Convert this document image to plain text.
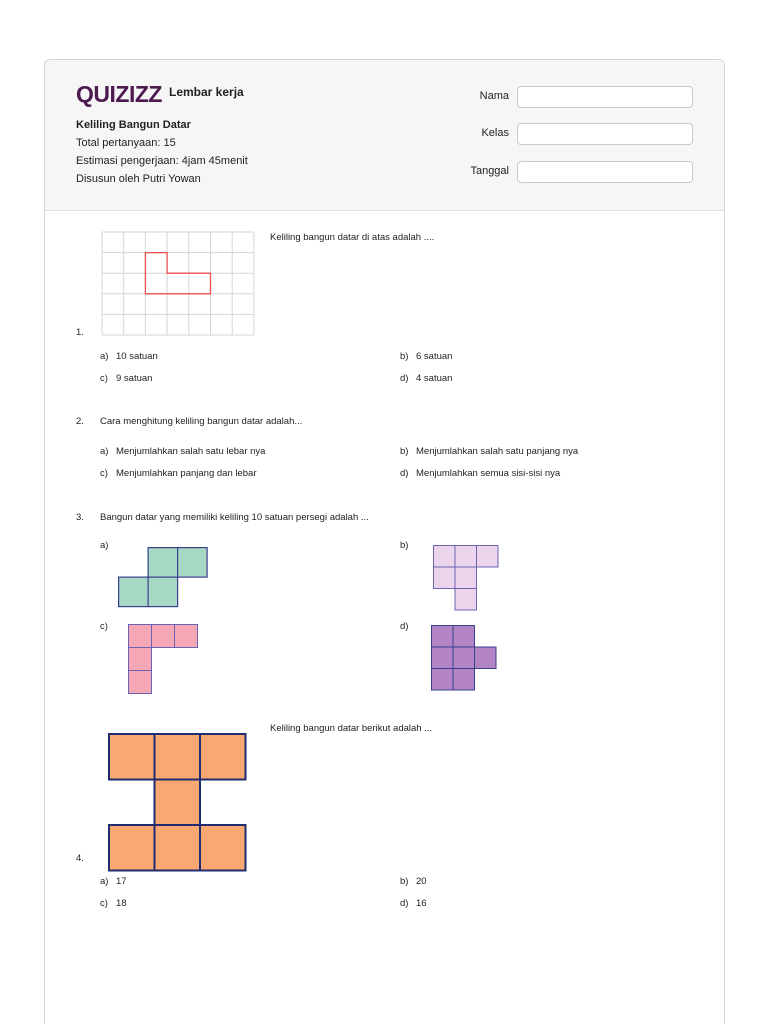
QUIZIZZ Lembar kerja
Keliling Bangun Datar
Total pertanyaan: 15
Estimasi pengerjaan: 4jam 45menit
Disusun oleh Putri Yowan
Nama
Kelas
Tanggal
Keliling bangun datar di atas adalah ....
1.
a) 10 satuan	b) 6 satuan
c) 9 satuan	d) 4 satuan
2. Cara menghitung keliling bangun datar adalah...
a) Menjumlahkan salah satu lebar nya	b) Menjumlahkan salah satu panjang nya
c) Menjumlahkan panjang dan lebar	d) Menjumlahkan semua sisi-sisi nya
3. Bangun datar yang memiliki keliling 10 satuan persegi adalah ...
a)	b)
c)	d)
Keliling bangun datar berikut adalah ...
4.
a) 17	b) 20
c) 18	d) 16
